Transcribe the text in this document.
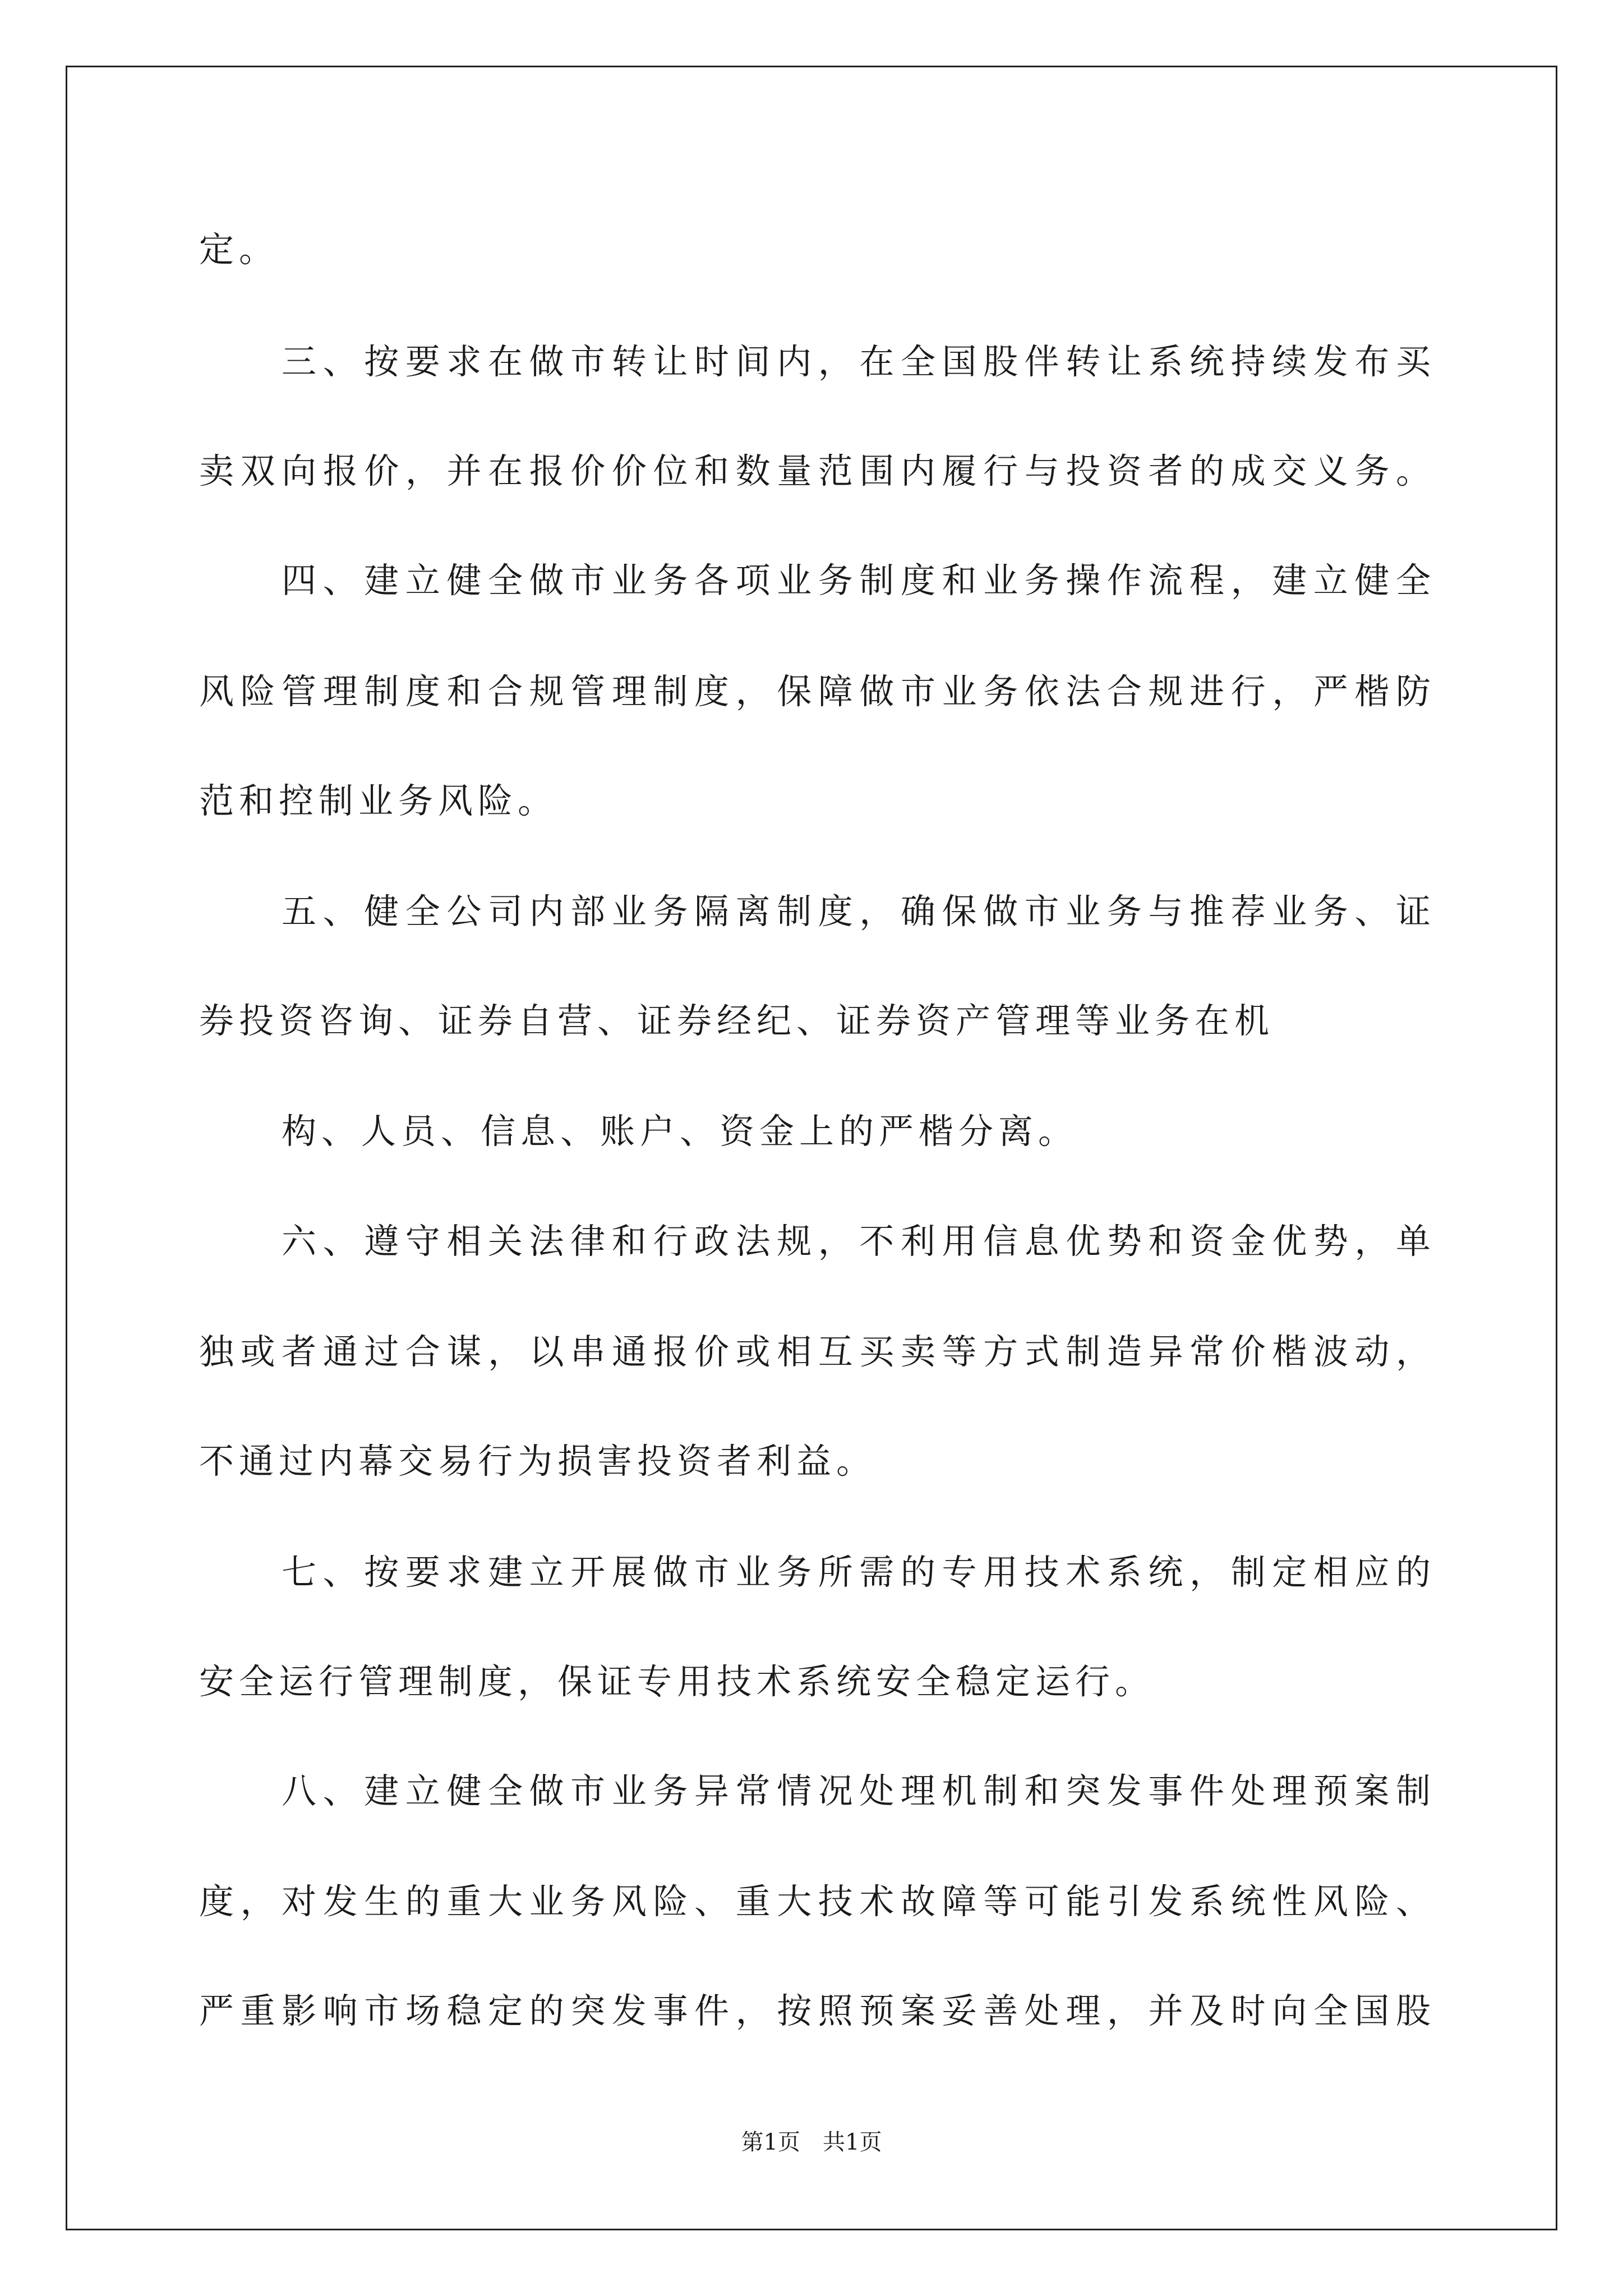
定。
三、按要求在做市转让时间内，在全国股伴转让系统持续发布买
卖双向报价，并在报价价位和数量范围内履行与投资者的成交义务。
四、建立健全做市业务各项业务制度和业务操作流程，建立健全
风险管理制度和合规管理制度，保障做市业务依法合规进行，严楷防
范和控制业务风险。
五、健全公司内部业务隔离制度，确保做市业务与推荐业务、证
券投资咨询、证券自营、证券经纪、证券资产管理等业务在机
构、人员、信息、账户、资金上的严楷分离。
六、遵守相关法律和行政法规，不利用信息优势和资金优势，单
独或者通过合谋，以串通报价或相互买卖等方式制造异常价楷波动，
不通过内幕交易行为损害投资者利益。
七、按要求建立开展做市业务所需的专用技术系统，制定相应的
安全运行管理制度，保证专用技术系统安全稳定运行。
八、建立健全做市业务异常情况处理机制和突发事件处理预案制
度，对发生的重大业务风险、重大技术故障等可能引发系统性风险、
严重影响市场稳定的突发事件，按照预案妥善处理，并及时向全国股
第1页　共1页
